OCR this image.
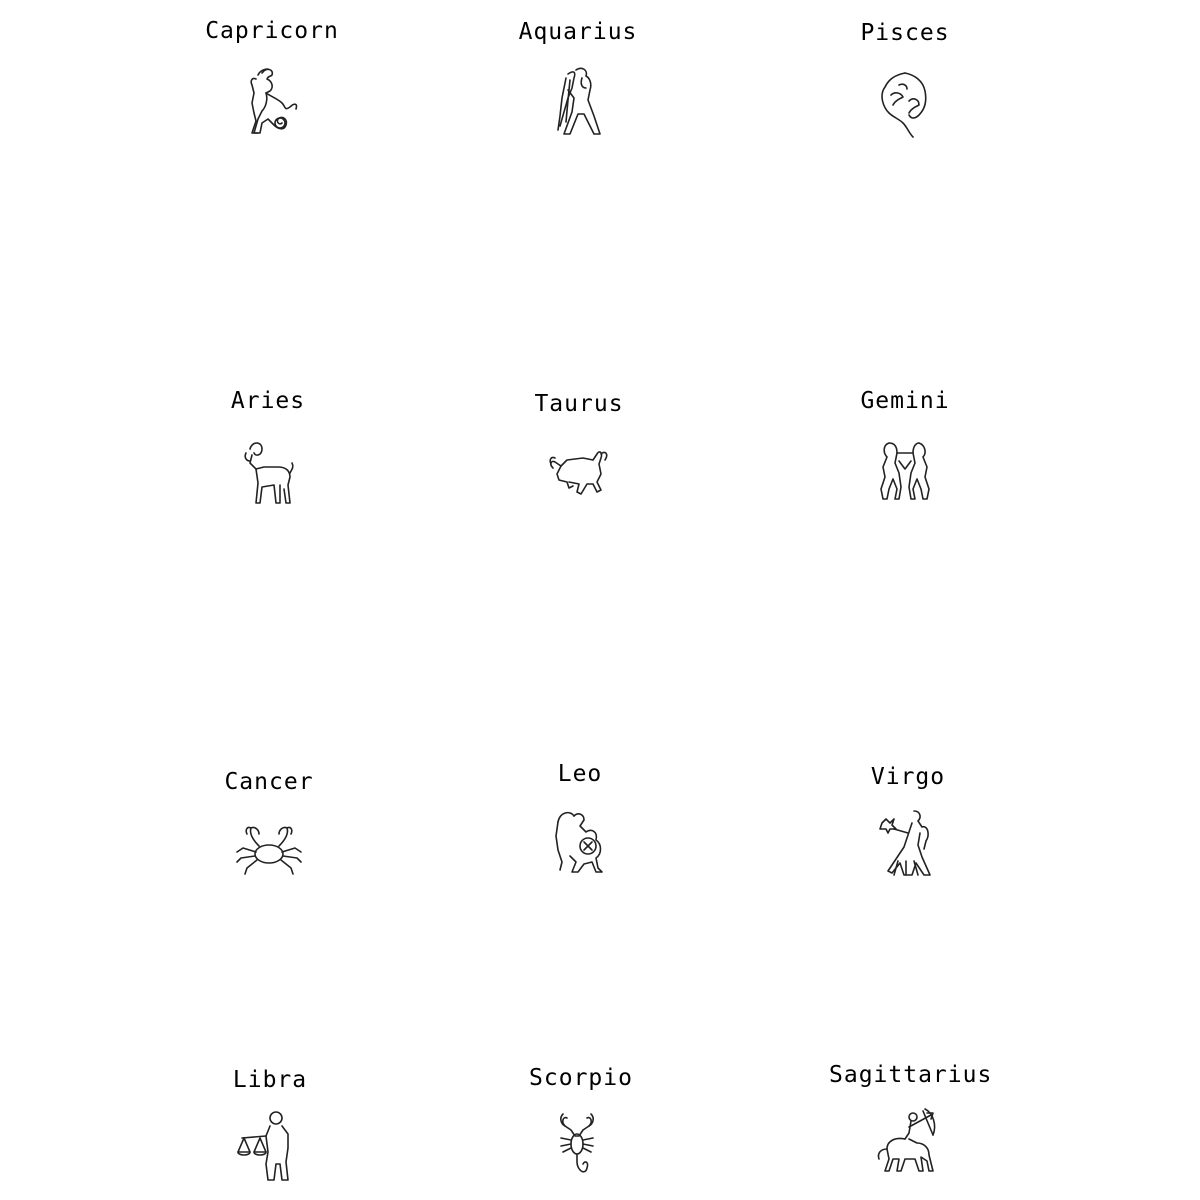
Capricorn	Aquarius	Pisces
Aries	Taurus	Gemini
Cancer	Leo	Virgo
Libra	Scorpio	Sagittarius
